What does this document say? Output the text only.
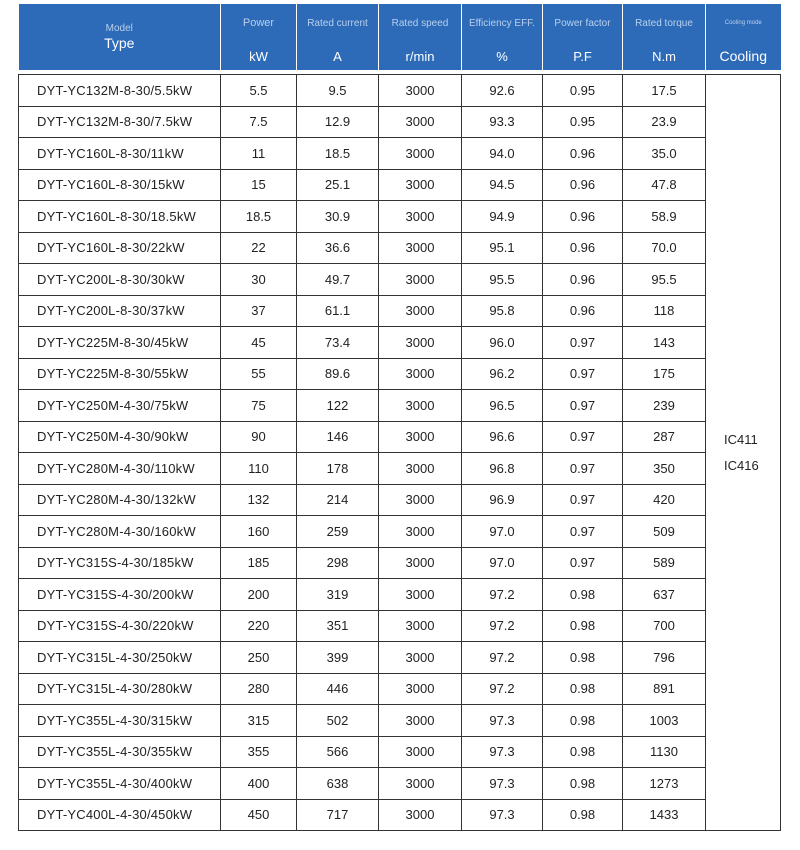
Model
Type	Power	Rated current	Rated speed	Efficiency EFF.	Power factor	Rated torque	Cooling mode
	kW	A	r/min	%	P.F	N.m	Cooling

DYT-YC132M-8-30/5.5kW	5.5	9.5	3000	92.6	0.95	17.5	IC411
IC416

DYT-YC132M-8-30/7.5kW	7.5	12.9	3000	93.3	0.95	23.9	
DYT-YC160L-8-30/11kW	11	18.5	3000	94.0	0.96	35.0	
DYT-YC160L-8-30/15kW	15	25.1	3000	94.5	0.96	47.8	
DYT-YC160L-8-30/18.5kW	18.5	30.9	3000	94.9	0.96	58.9	
DYT-YC160L-8-30/22kW	22	36.6	3000	95.1	0.96	70.0	
DYT-YC200L-8-30/30kW	30	49.7	3000	95.5	0.96	95.5	
DYT-YC200L-8-30/37kW	37	61.1	3000	95.8	0.96	118	
DYT-YC225M-8-30/45kW	45	73.4	3000	96.0	0.97	143	
DYT-YC225M-8-30/55kW	55	89.6	3000	96.2	0.97	175	
DYT-YC250M-4-30/75kW	75	122	3000	96.5	0.97	239	
DYT-YC250M-4-30/90kW	90	146	3000	96.6	0.97	287	
DYT-YC280M-4-30/110kW	110	178	3000	96.8	0.97	350	
DYT-YC280M-4-30/132kW	132	214	3000	96.9	0.97	420	
DYT-YC280M-4-30/160kW	160	259	3000	97.0	0.97	509	
DYT-YC315S-4-30/185kW	185	298	3000	97.0	0.97	589	
DYT-YC315S-4-30/200kW	200	319	3000	97.2	0.98	637	
DYT-YC315S-4-30/220kW	220	351	3000	97.2	0.98	700	
DYT-YC315L-4-30/250kW	250	399	3000	97.2	0.98	796	
DYT-YC315L-4-30/280kW	280	446	3000	97.2	0.98	891	
DYT-YC355L-4-30/315kW	315	502	3000	97.3	0.98	1003	
DYT-YC355L-4-30/355kW	355	566	3000	97.3	0.98	1130	
DYT-YC355L-4-30/400kW	400	638	3000	97.3	0.98	1273	
DYT-YC400L-4-30/450kW	450	717	3000	97.3	0.98	1433	
